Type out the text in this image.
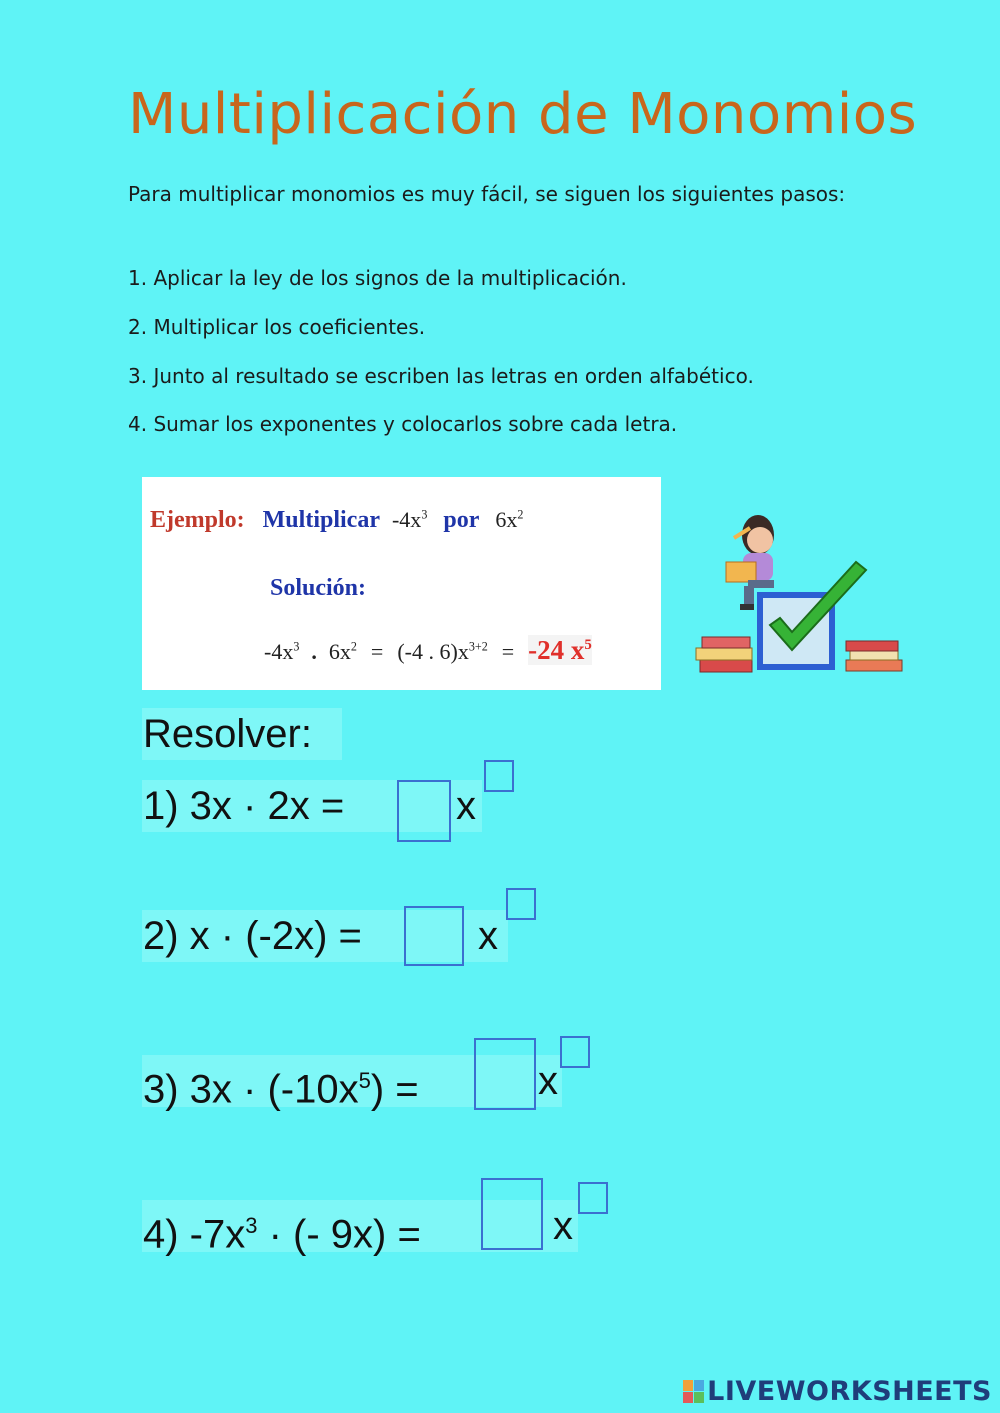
Multiplicación de Monomios
Para multiplicar monomios es muy fácil, se siguen los siguientes pasos:
1. Aplicar la ley de los signos de la multiplicación.
2. Multiplicar los coeficientes.
3. Junto al resultado se escriben las letras en orden alfabético.
4. Sumar los exponentes y colocarlos sobre cada letra.
Ejemplo: Multiplicar $-4x^3$ por $6x^2$
Solución:
$-4x^3$ . $6x^2 = (-4$ . $6)x^{3+2} = -24$ $x^5$
Resolver:
1) 3x · 2x =	x
2) x · (-2x) =	x
3) $3x \cdot (-10x^5)$ =	x
4) $-7x^3$ · (- 9x) =	x
LIVEWORKSHEETS
